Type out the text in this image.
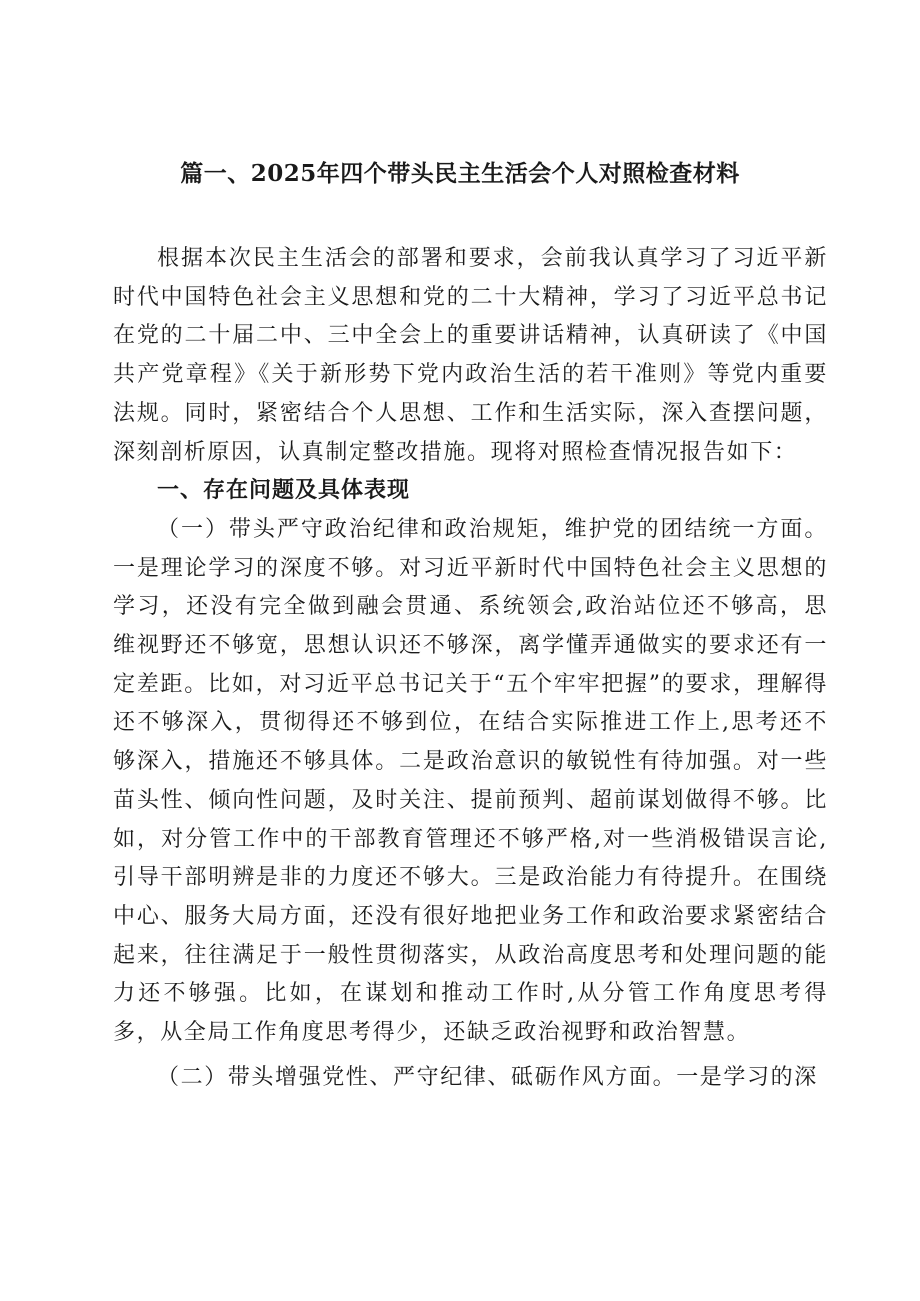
篇一、2025年四个带头民主生活会个人对照检查材料

根据本次民主生活会的部署和要求，会前我认真学习了习近平新时代中国特色社会主义思想和党的二十大精神，学习了习近平总书记在党的二十届二中、三中全会上的重要讲话精神，认真研读了《中国共产党章程》《关于新形势下党内政治生活的若干准则》等党内重要法规。同时，紧密结合个人思想、工作和生活实际，深入查摆问题，深刻剖析原因，认真制定整改措施。现将对照检查情况报告如下：

一、存在问题及具体表现

（一）带头严守政治纪律和政治规矩，维护党的团结统一方面。一是理论学习的深度不够。对习近平新时代中国特色社会主义思想的学习，还没有完全做到融会贯通、系统领会,政治站位还不够高，思维视野还不够宽，思想认识还不够深，离学懂弄通做实的要求还有一定差距。比如，对习近平总书记关于“五个牢牢把握”的要求，理解得还不够深入，贯彻得还不够到位，在结合实际推进工作上,思考还不够深入，措施还不够具体。二是政治意识的敏锐性有待加强。对一些苗头性、倾向性问题，及时关注、提前预判、超前谋划做得不够。比如，对分管工作中的干部教育管理还不够严格,对一些消极错误言论,引导干部明辨是非的力度还不够大。三是政治能力有待提升。在围绕中心、服务大局方面，还没有很好地把业务工作和政治要求紧密结合起来，往往满足于一般性贯彻落实，从政治高度思考和处理问题的能力还不够强。比如，在谋划和推动工作时,从分管工作角度思考得多，从全局工作角度思考得少，还缺乏政治视野和政治智慧。

（二）带头增强党性、严守纪律、砥砺作风方面。一是学习的深
